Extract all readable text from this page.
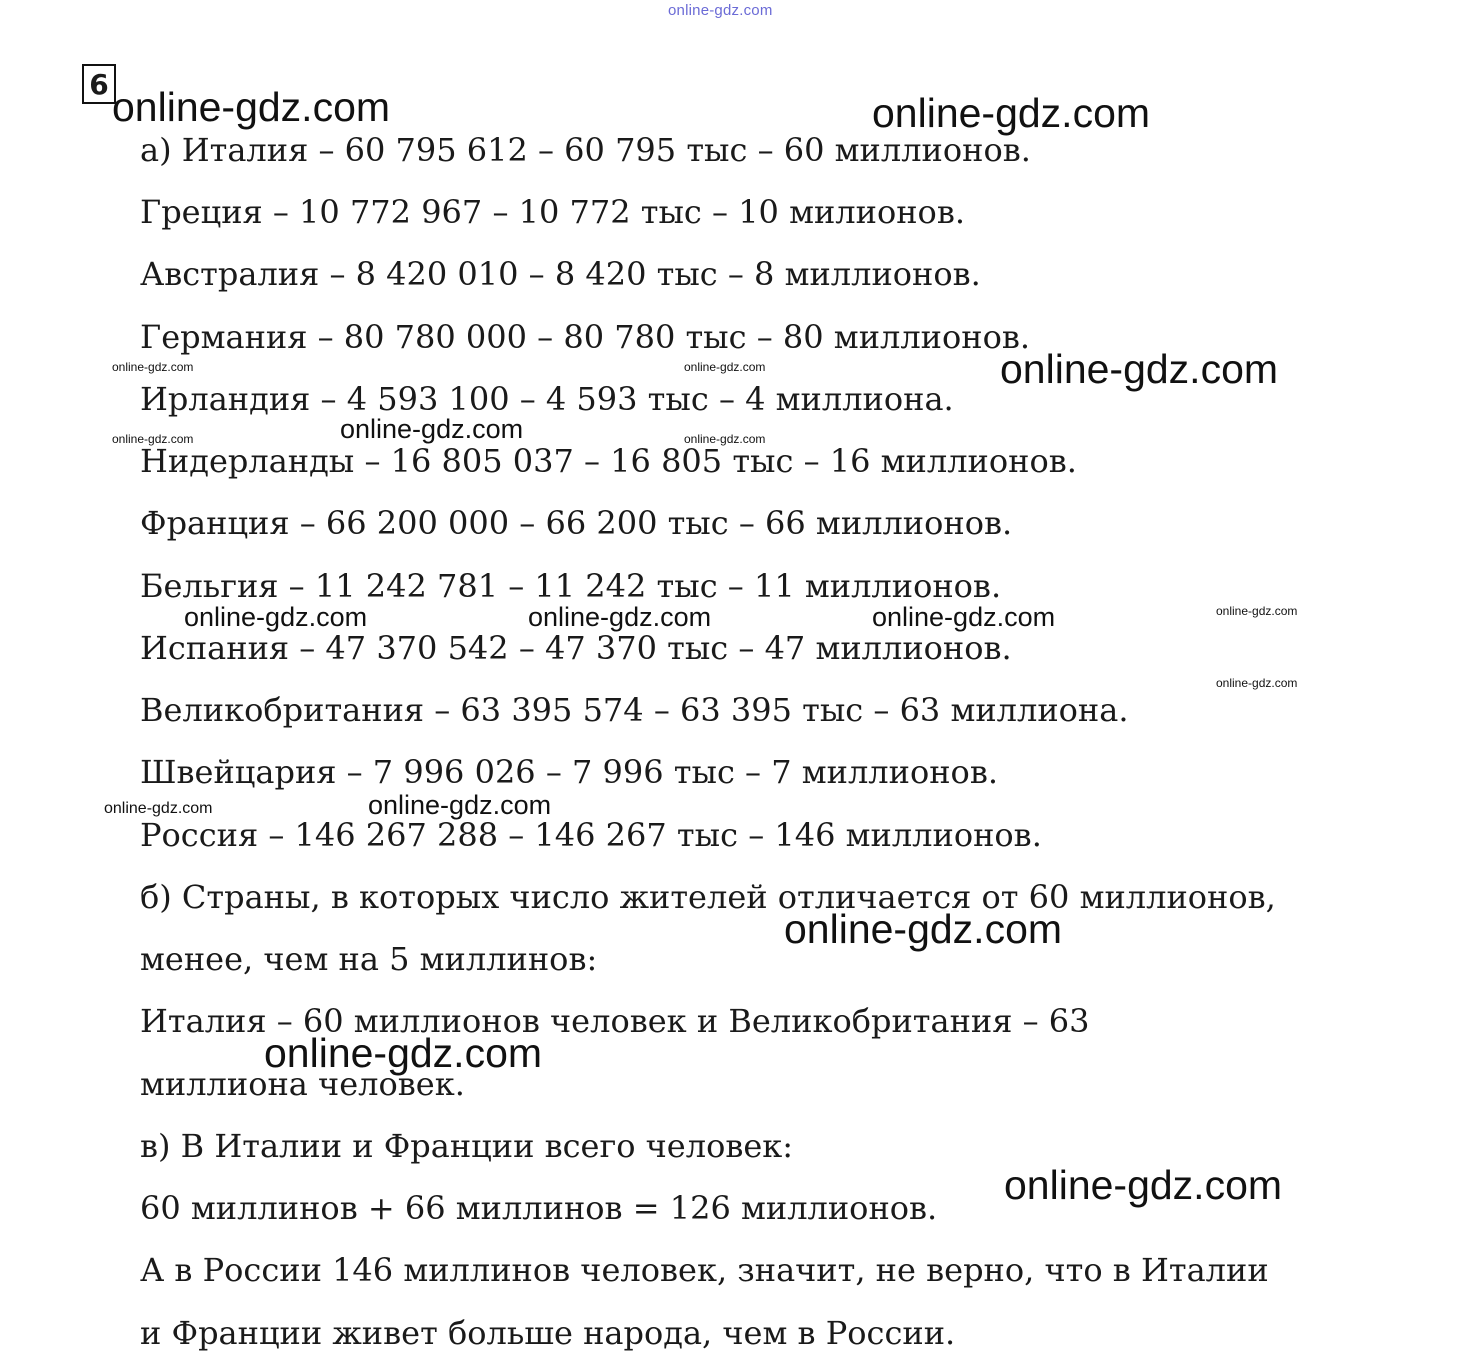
online-gdz.com
6
а) Италия – 60 795 612 – 60 795 тыс – 60 миллионов.
Греция – 10 772 967 – 10 772 тыс – 10 милионов.
Австралия – 8 420 010 – 8 420 тыс – 8 миллионов.
Германия – 80 780 000 – 80 780 тыс – 80 миллионов.
Ирландия – 4 593 100 – 4 593 тыс – 4 миллиона.
Нидерланды – 16 805 037 – 16 805 тыс – 16 миллионов.
Франция – 66 200 000 – 66 200 тыс – 66 миллионов.
Бельгия – 11 242 781 – 11 242 тыс – 11 миллионов.
Испания – 47 370 542 – 47 370 тыс – 47 миллионов.
Великобритания – 63 395 574 – 63 395 тыс – 63 миллиона.
Швейцария – 7 996 026 – 7 996 тыс – 7 миллионов.
Россия – 146 267 288 – 146 267 тыс – 146 миллионов.
б) Страны, в которых число жителей отличается от 60 миллионов,
менее, чем на 5 миллинов:
Италия – 60 миллионов человек и Великобритания – 63
миллиона человек.
в) В Италии и Франции всего человек:
60 миллинов + 66 миллинов = 126 миллионов.
А в России 146 миллинов человек, значит, не верно, что в Италии
и Франции живет больше народа, чем в России.
online-gdz.com	online-gdz.com
online-gdz.com
online-gdz.com	online-gdz.com
online-gdz.com
online-gdz.com	online-gdz.com
online-gdz.com	online-gdz.com	online-gdz.com	online-gdz.com
online-gdz.com
online-gdz.com
online-gdz.com
online-gdz.com
online-gdz.com
online-gdz.com
